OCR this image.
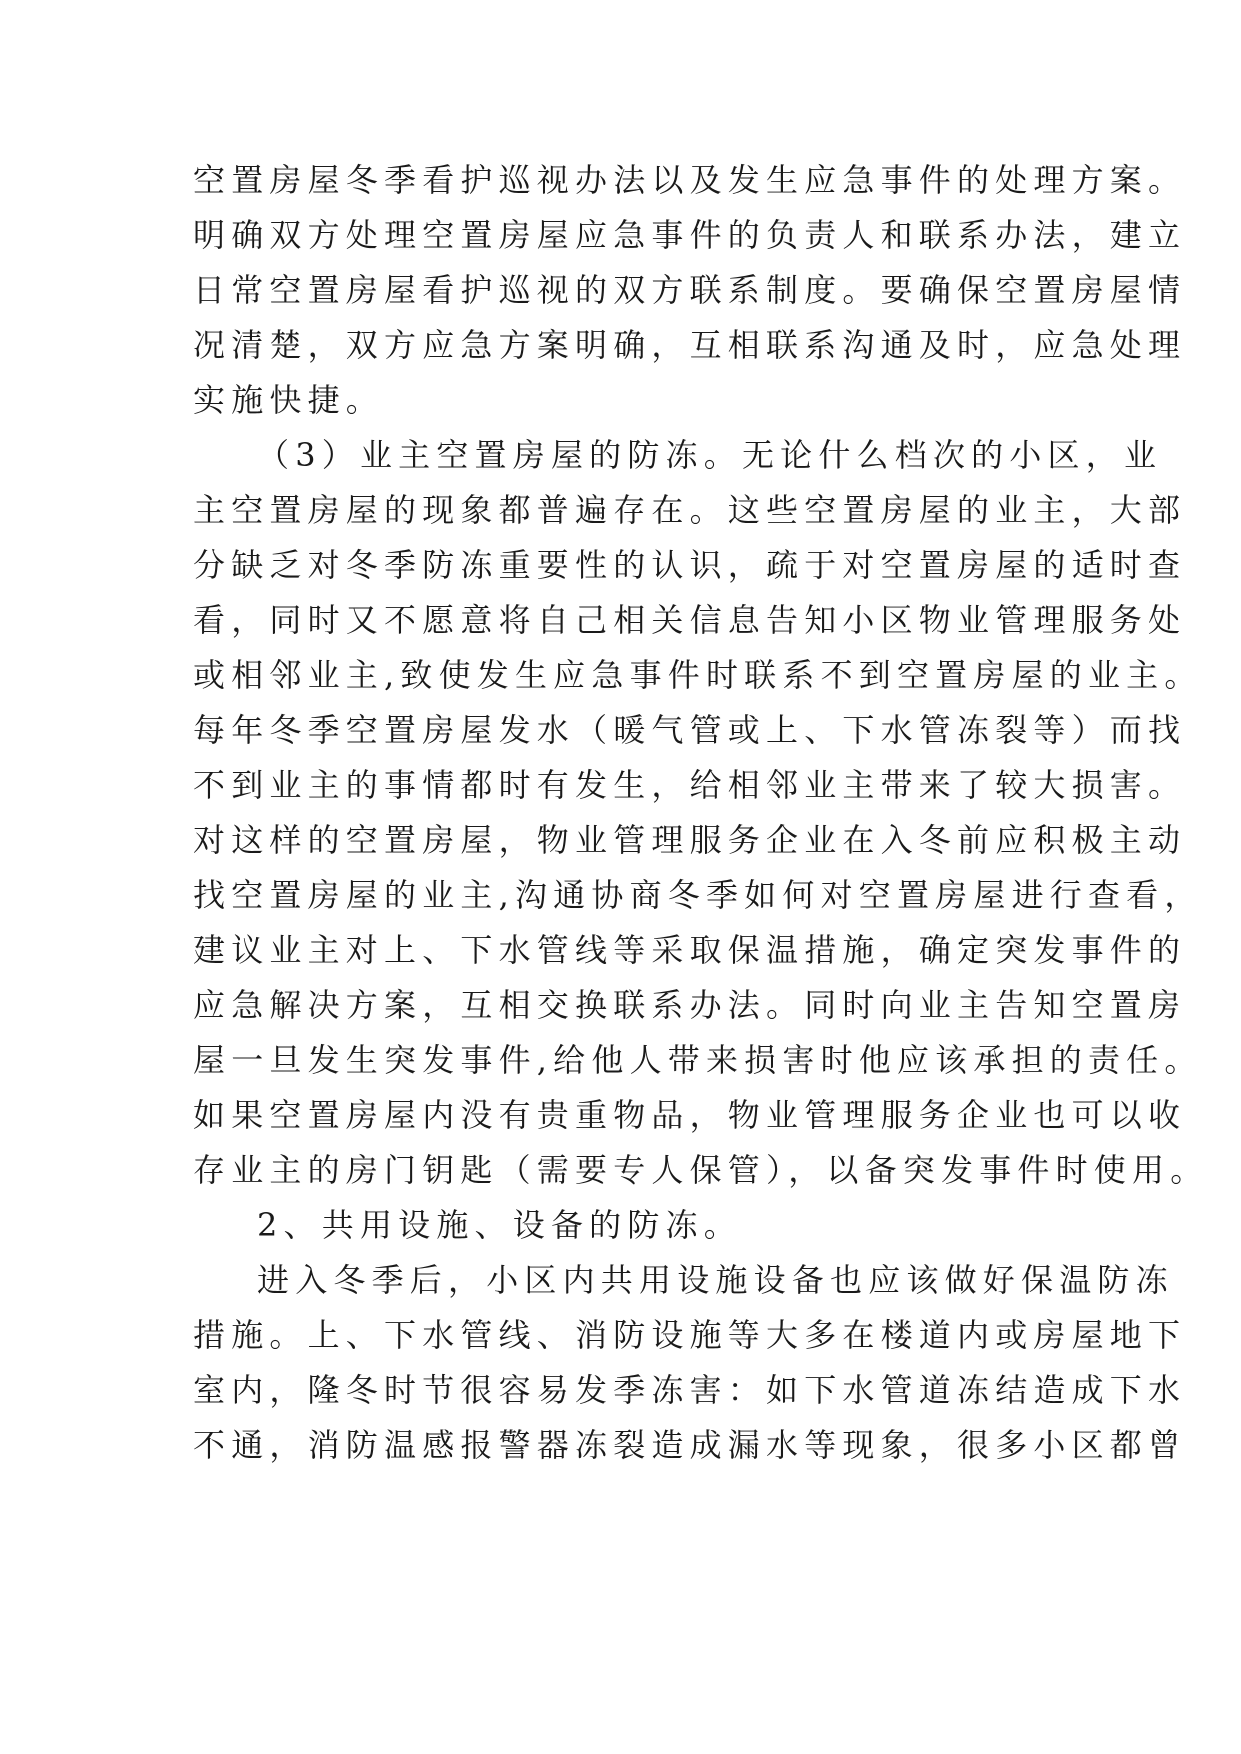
空置房屋冬季看护巡视办法以及发生应急事件的处理方案。
明确双方处理空置房屋应急事件的负责人和联系办法，建立
日常空置房屋看护巡视的双方联系制度。要确保空置房屋情
况清楚，双方应急方案明确，互相联系沟通及时，应急处理
实施快捷。
（3）业主空置房屋的防冻。无论什么档次的小区，业
主空置房屋的现象都普遍存在。这些空置房屋的业主，大部
分缺乏对冬季防冻重要性的认识，疏于对空置房屋的适时查
看，同时又不愿意将自己相关信息告知小区物业管理服务处
或相邻业主,致使发生应急事件时联系不到空置房屋的业主。
每年冬季空置房屋发水（暖气管或上、下水管冻裂等）而找
不到业主的事情都时有发生，给相邻业主带来了较大损害。
对这样的空置房屋，物业管理服务企业在入冬前应积极主动
找空置房屋的业主,沟通协商冬季如何对空置房屋进行查看，
建议业主对上、下水管线等采取保温措施，确定突发事件的
应急解决方案，互相交换联系办法。同时向业主告知空置房
屋一旦发生突发事件,给他人带来损害时他应该承担的责任。
如果空置房屋内没有贵重物品，物业管理服务企业也可以收
存业主的房门钥匙（需要专人保管），以备突发事件时使用。
2、共用设施、设备的防冻。
进入冬季后，小区内共用设施设备也应该做好保温防冻
措施。上、下水管线、消防设施等大多在楼道内或房屋地下
室内，隆冬时节很容易发季冻害：如下水管道冻结造成下水
不通，消防温感报警器冻裂造成漏水等现象，很多小区都曾
